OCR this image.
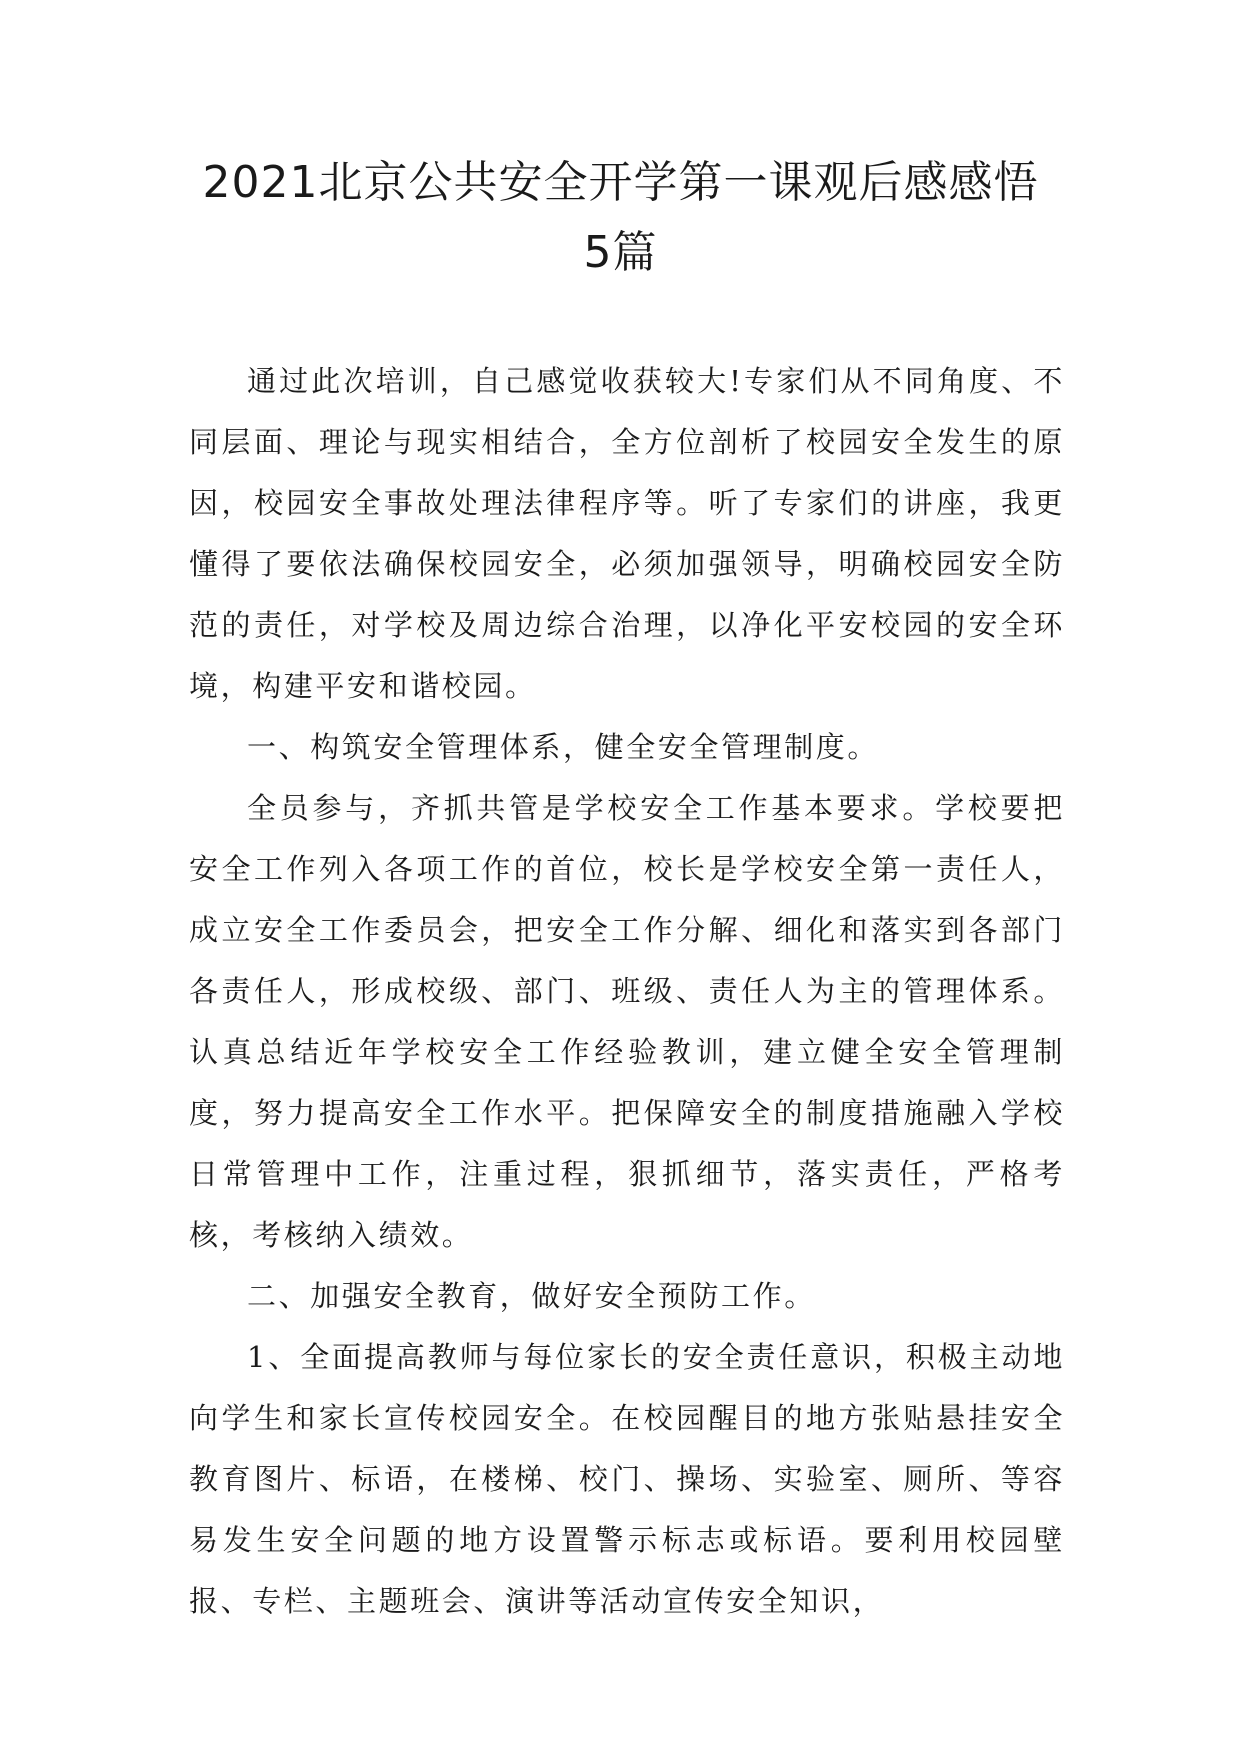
2021北京公共安全开学第一课观后感感悟
5篇

通过此次培训，自己感觉收获较大!专家们从不同角度、不同层面、理论与现实相结合，全方位剖析了校园安全发生的原因，校园安全事故处理法律程序等。听了专家们的讲座，我更懂得了要依法确保校园安全，必须加强领导，明确校园安全防范的责任，对学校及周边综合治理，以净化平安校园的安全环境，构建平安和谐校园。

一、构筑安全管理体系，健全安全管理制度。

全员参与，齐抓共管是学校安全工作基本要求。学校要把安全工作列入各项工作的首位，校长是学校安全第一责任人，成立安全工作委员会，把安全工作分解、细化和落实到各部门各责任人，形成校级、部门、班级、责任人为主的管理体系。认真总结近年学校安全工作经验教训，建立健全安全管理制度，努力提高安全工作水平。把保障安全的制度措施融入学校日常管理中工作，注重过程，狠抓细节，落实责任，严格考核，考核纳入绩效。

二、加强安全教育，做好安全预防工作。

1、全面提高教师与每位家长的安全责任意识，积极主动地向学生和家长宣传校园安全。在校园醒目的地方张贴悬挂安全教育图片、标语，在楼梯、校门、操场、实验室、厕所、等容易发生安全问题的地方设置警示标志或标语。要利用校园壁报、专栏、主题班会、演讲等活动宣传安全知识，
